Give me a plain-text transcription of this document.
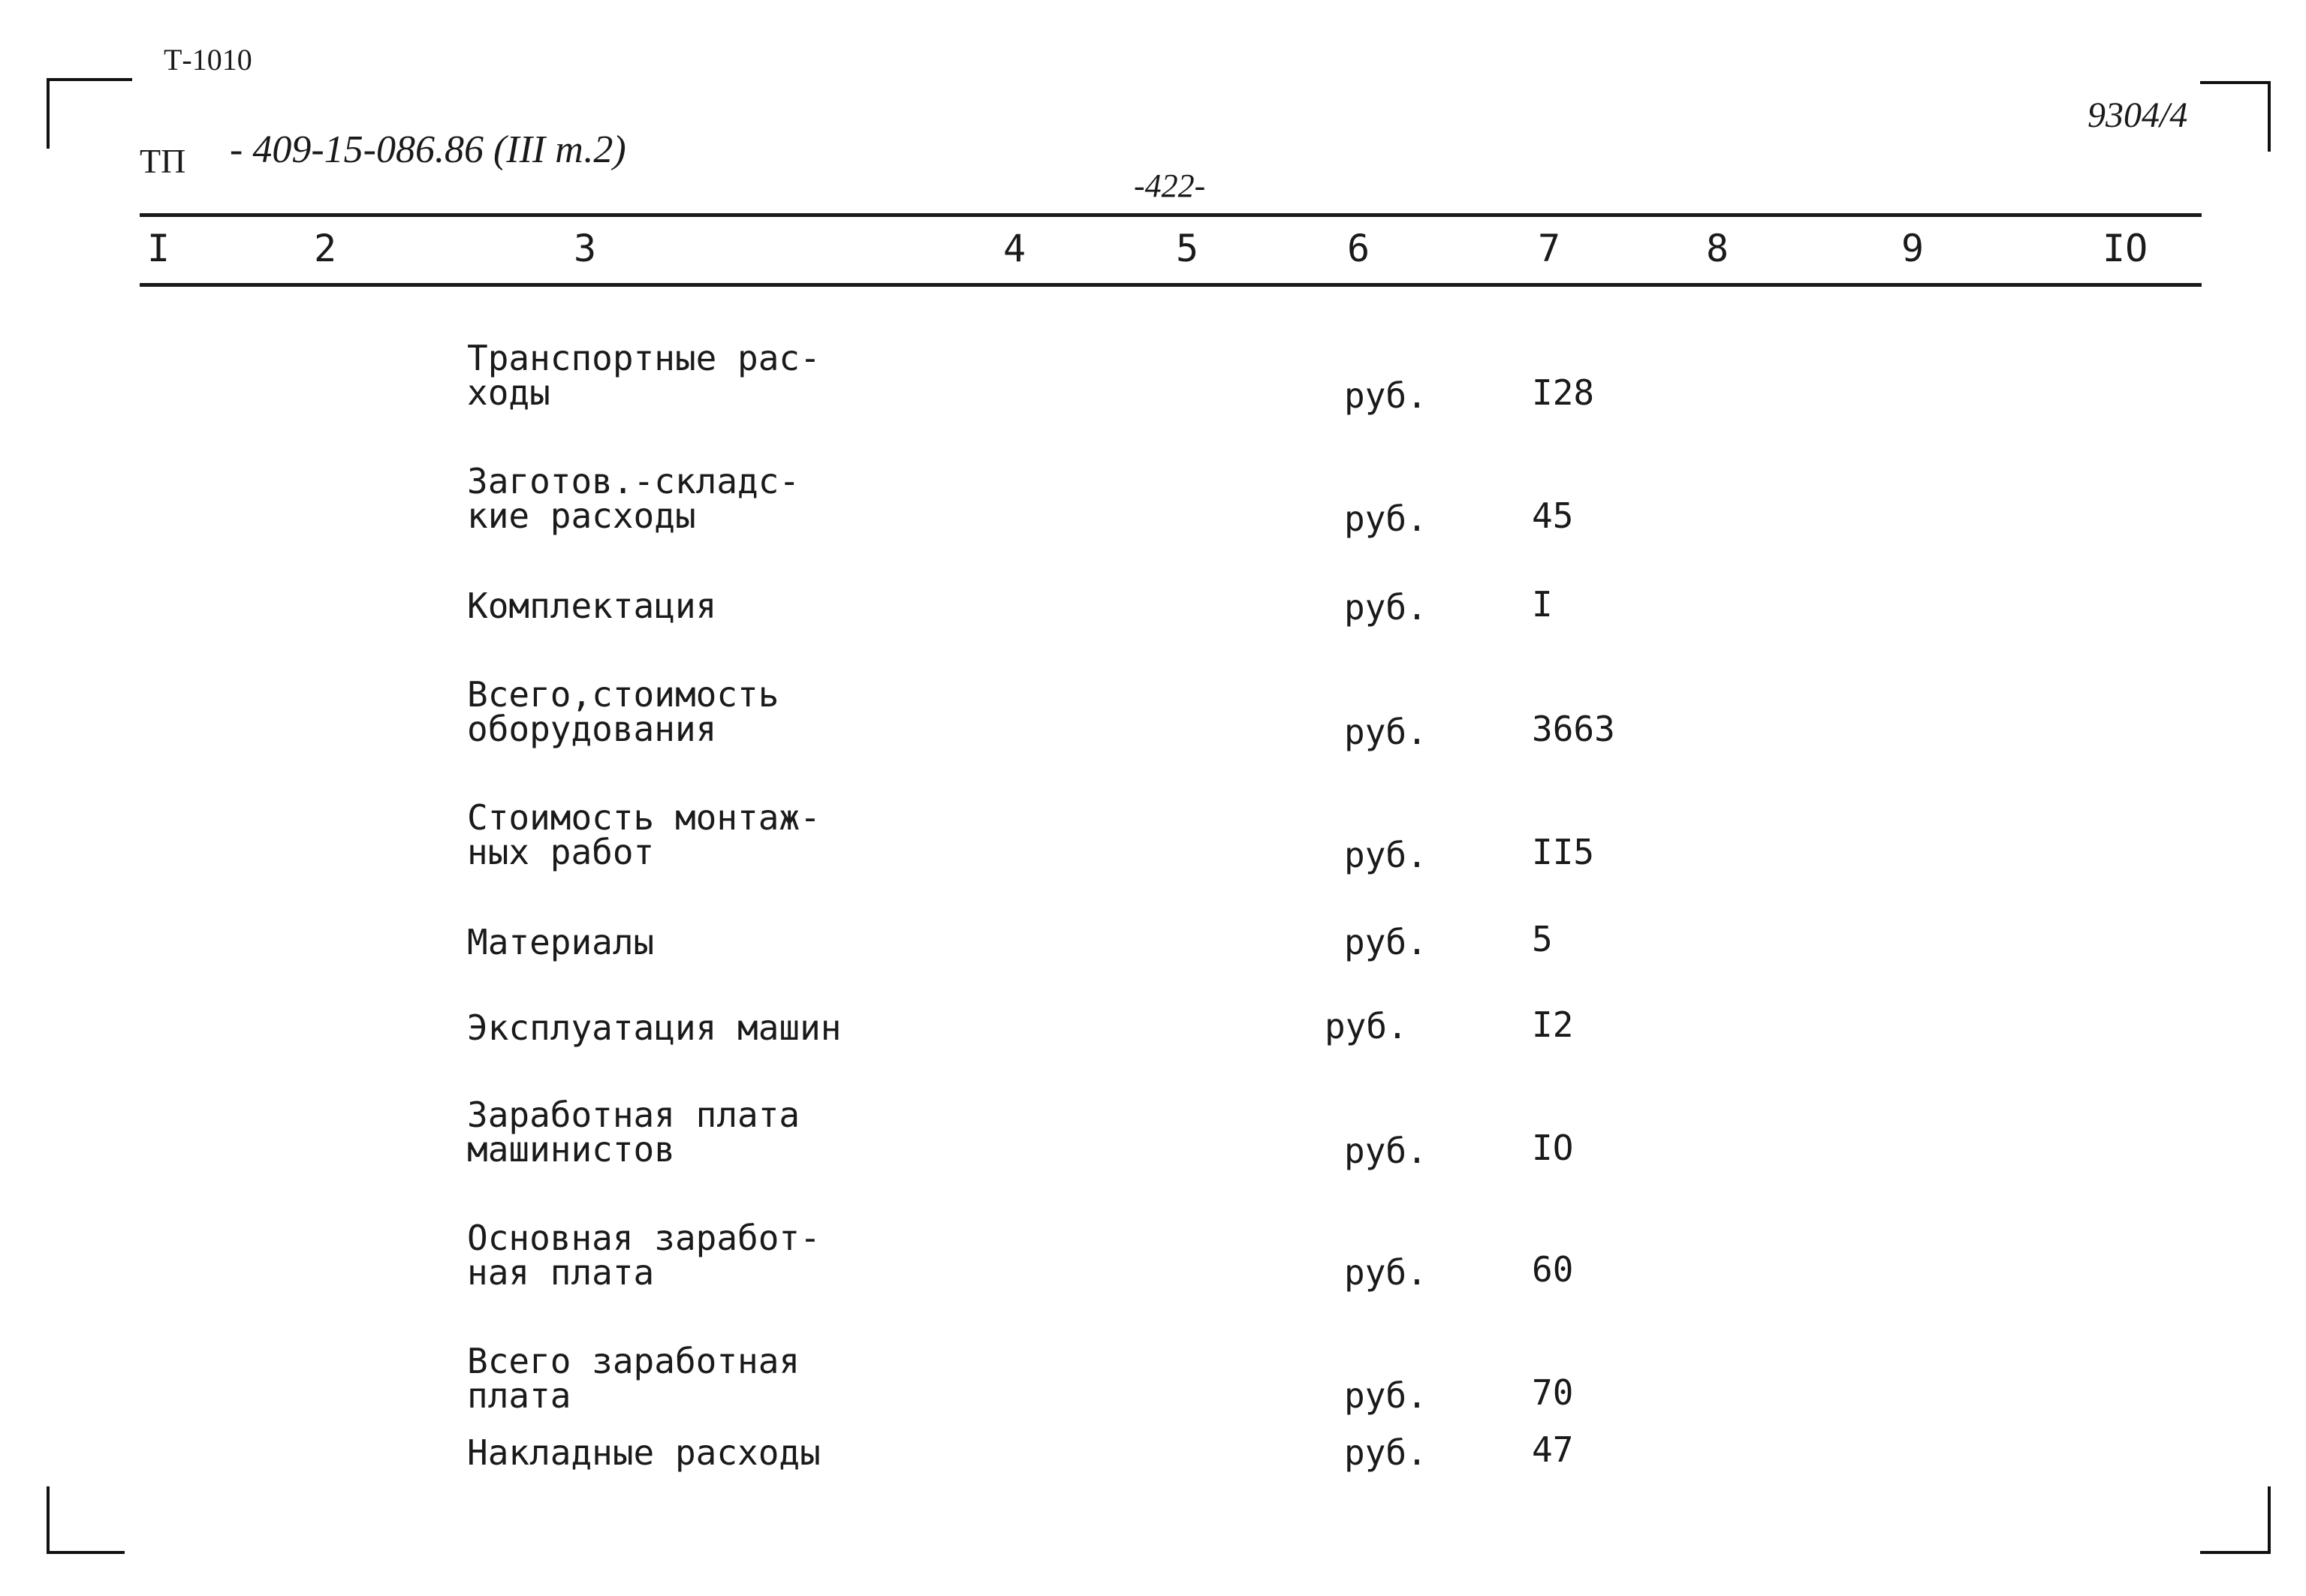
Т-1010
ТП - 409-15-086.86 (III т.2)
-422-
9304/4
I	2	3	4	5	6	7	8	9	IO
Транспортные рас-
ходы	руб.	I28
Заготов.-складс-
кие расходы	руб.	45
Комплектация	руб.	I
Всего,стоимость
оборудования	руб.	3663
Стоимость монтаж-
ных работ	руб.	II5
Материалы	руб.	5
Эксплуатация машин	руб.	I2
Заработная плата
машинистов	руб.	IO
Основная заработ-
ная плата	руб.	60
Всего заработная
плата	руб.	70
Накладные расходы	руб.	47
